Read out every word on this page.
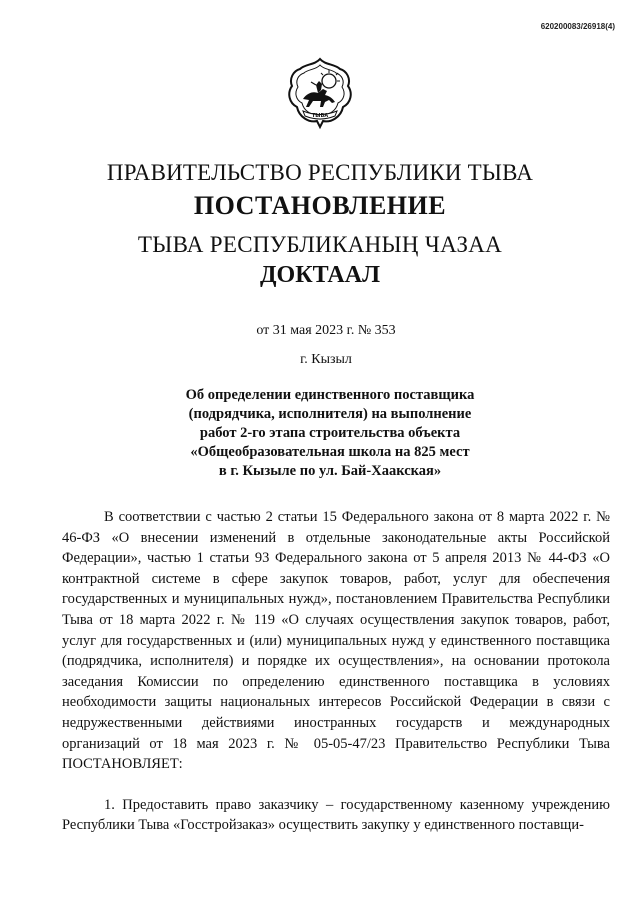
620200083/26918(4)
ТЫВА
ПРАВИТЕЛЬСТВО РЕСПУБЛИКИ ТЫВА
ПОСТАНОВЛЕНИЕ
ТЫВА РЕСПУБЛИКАНЫҢ ЧАЗАА
ДОКТААЛ
от 31 мая 2023 г. № 353
г. Кызыл
Об определении единственного поставщика
(подрядчика, исполнителя) на выполнение
работ 2-го этапа строительства объекта
«Общеобразовательная школа на 825 мест
в г. Кызыле по ул. Бай-Хаакская»

В соответствии с частью 2 статьи 15 Федерального закона от 8 марта 2022 г. № 46-ФЗ «О внесении изменений в отдельные законодательные акты Российской Федерации», частью 1 статьи 93 Федерального закона от 5 апреля 2013 № 44-ФЗ «О контрактной системе в сфере закупок товаров, работ, услуг для обеспечения государственных и муниципальных нужд», постановлением Правительства Республики Тыва от 18 марта 2022 г. № 119 «О случаях осуществления закупок товаров, работ, услуг для государственных и (или) муниципальных нужд у единственного поставщика (подрядчика, исполнителя) и порядке их осуществления», на основании протокола заседания Комиссии по определению единственного поставщика в условиях необходимости защиты национальных интересов Российской Федерации в связи с недружественными действиями иностранных государств и международных организаций от 18 мая 2023 г. № 05-05-47/23 Правительство Республики Тыва ПОСТАНОВЛЯЕТ:

1. Предоставить право заказчику – государственному казенному учреждению Республики Тыва «Госстройзаказ» осуществить закупку у единственного поставщи-
